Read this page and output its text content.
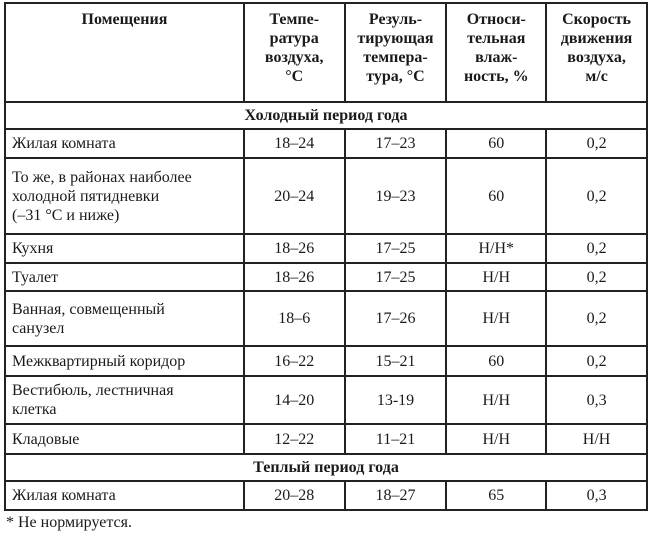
Помещения	Темпе-
ратура
воздуха,
°С	Резуль-
тирующая
темпера-
тура, °С	Относи-
тельная
влаж-
ность, %	Скорость
движения
воздуха,
м/с
Холодный период года				
Жилая комната	18–24	17–23	60	0,2
То же, в районах наиболее
холодной пятидневки
(–31 °С и ниже)	20–24	19–23	60	0,2
Кухня	18–26	17–25	Н/Н*	0,2
Туалет	18–26	17–25	Н/Н	0,2
Ванная, совмещенный
санузел	18–6	17–26	Н/Н	0,2
Межквартирный коридор	16–22	15–21	60	0,2
Вестибюль, лестничная
клетка	14–20	13-19	Н/Н	0,3
Кладовые	12–22	11–21	Н/Н	Н/Н
Теплый период года				
Жилая комната	20–28	18–27	65	0,3
* Не нормируется.
